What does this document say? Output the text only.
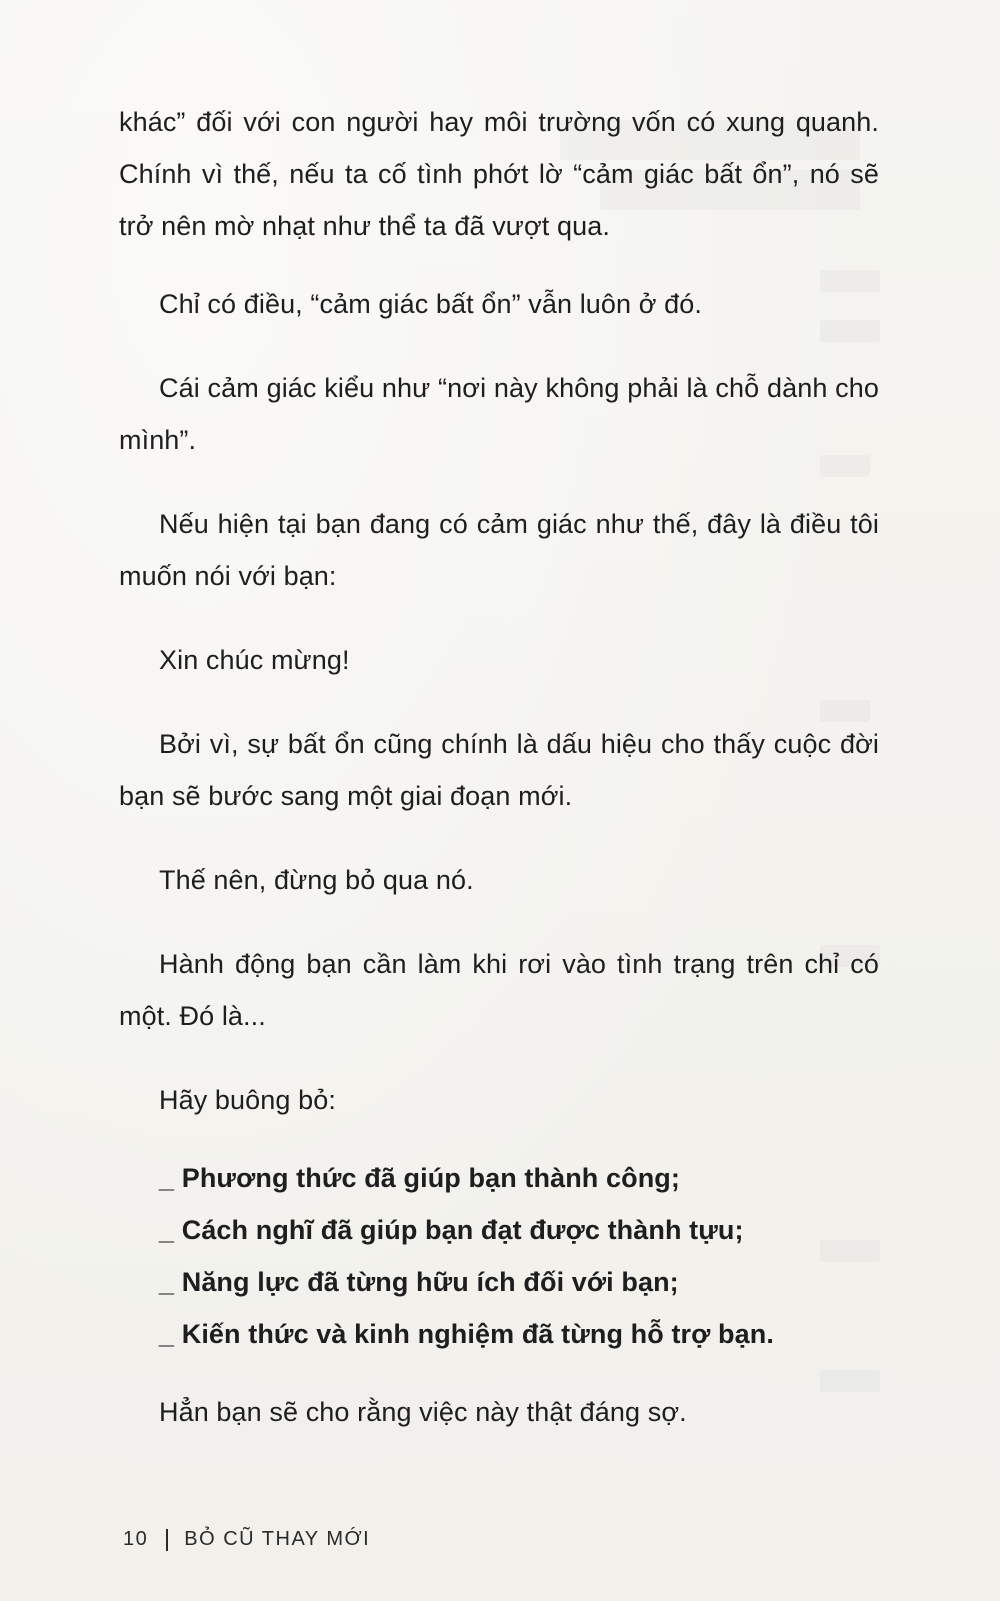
khác” đối với con người hay môi trường vốn có xung quanh. Chính vì thế, nếu ta cố tình phớt lờ “cảm giác bất ổn”, nó sẽ trở nên mờ nhạt như thể ta đã vượt qua.

Chỉ có điều, “cảm giác bất ổn” vẫn luôn ở đó.

Cái cảm giác kiểu như “nơi này không phải là chỗ dành cho mình”.

Nếu hiện tại bạn đang có cảm giác như thế, đây là điều tôi muốn nói với bạn:

Xin chúc mừng!

Bởi vì, sự bất ổn cũng chính là dấu hiệu cho thấy cuộc đời bạn sẽ bước sang một giai đoạn mới.

Thế nên, đừng bỏ qua nó.

Hành động bạn cần làm khi rơi vào tình trạng trên chỉ có một. Đó là...

Hãy buông bỏ:

_ Phương thức đã giúp bạn thành công;
_ Cách nghĩ đã giúp bạn đạt được thành tựu;
_ Năng lực đã từng hữu ích đối với bạn;
_ Kiến thức và kinh nghiệm đã từng hỗ trợ bạn.

Hẳn bạn sẽ cho rằng việc này thật đáng sợ.

10 BỎ CŨ THAY MỚI
